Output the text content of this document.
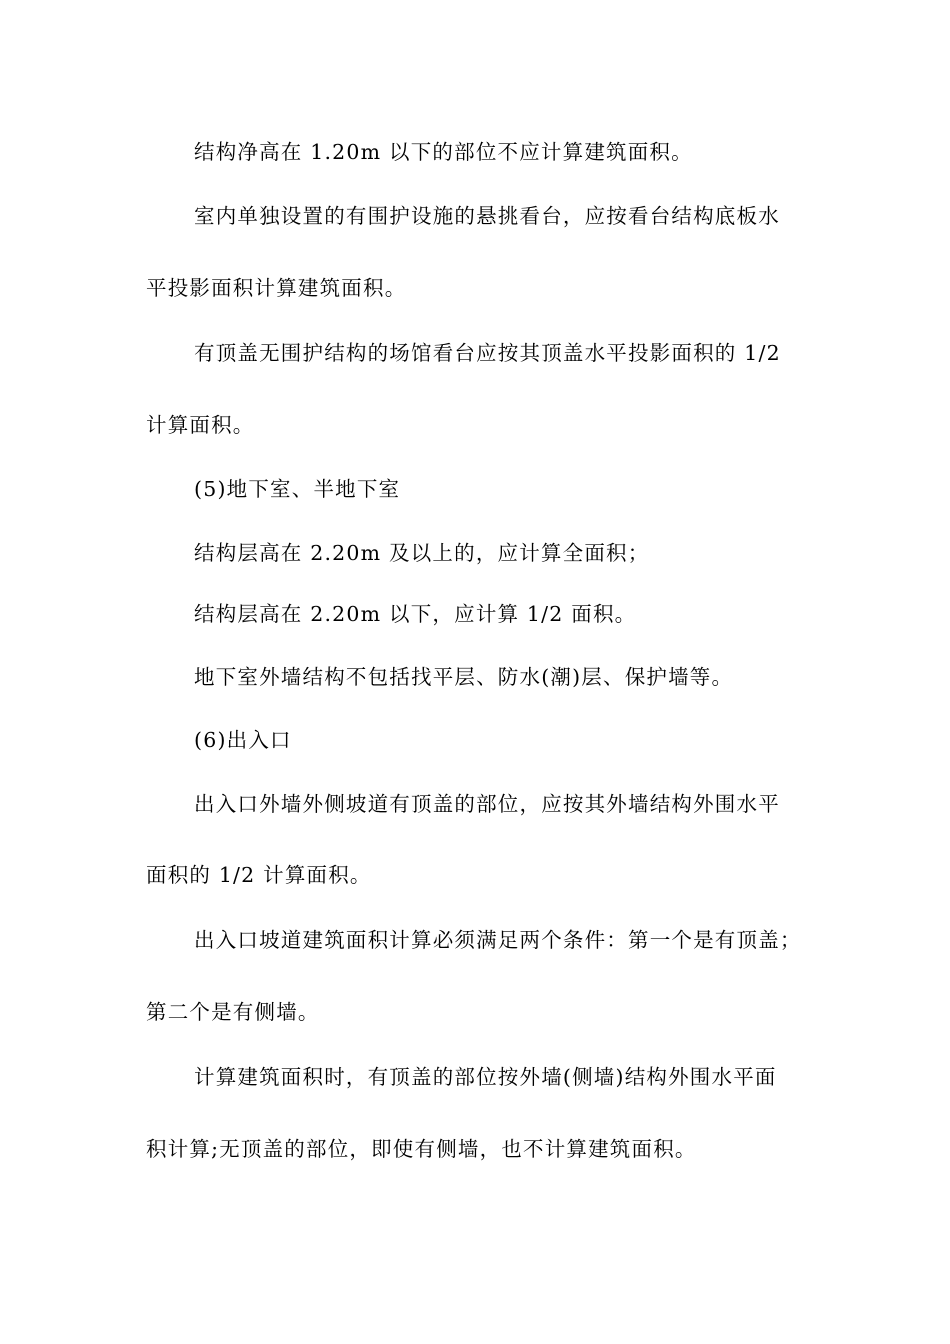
结构净高在 1.20m 以下的部位不应计算建筑面积。
室内单独设置的有围护设施的悬挑看台，应按看台结构底板水
平投影面积计算建筑面积。
有顶盖无围护结构的场馆看台应按其顶盖水平投影面积的 1/2
计算面积。
(5)地下室、半地下室
结构层高在 2.20m 及以上的，应计算全面积；
结构层高在 2.20m 以下，应计算 1/2 面积。
地下室外墙结构不包括找平层、防水(潮)层、保护墙等。
(6)出入口
出入口外墙外侧坡道有顶盖的部位，应按其外墙结构外围水平
面积的 1/2 计算面积。
出入口坡道建筑面积计算必须满足两个条件：第一个是有顶盖；
第二个是有侧墙。
计算建筑面积时，有顶盖的部位按外墙(侧墙)结构外围水平面
积计算;无顶盖的部位，即使有侧墙，也不计算建筑面积。
